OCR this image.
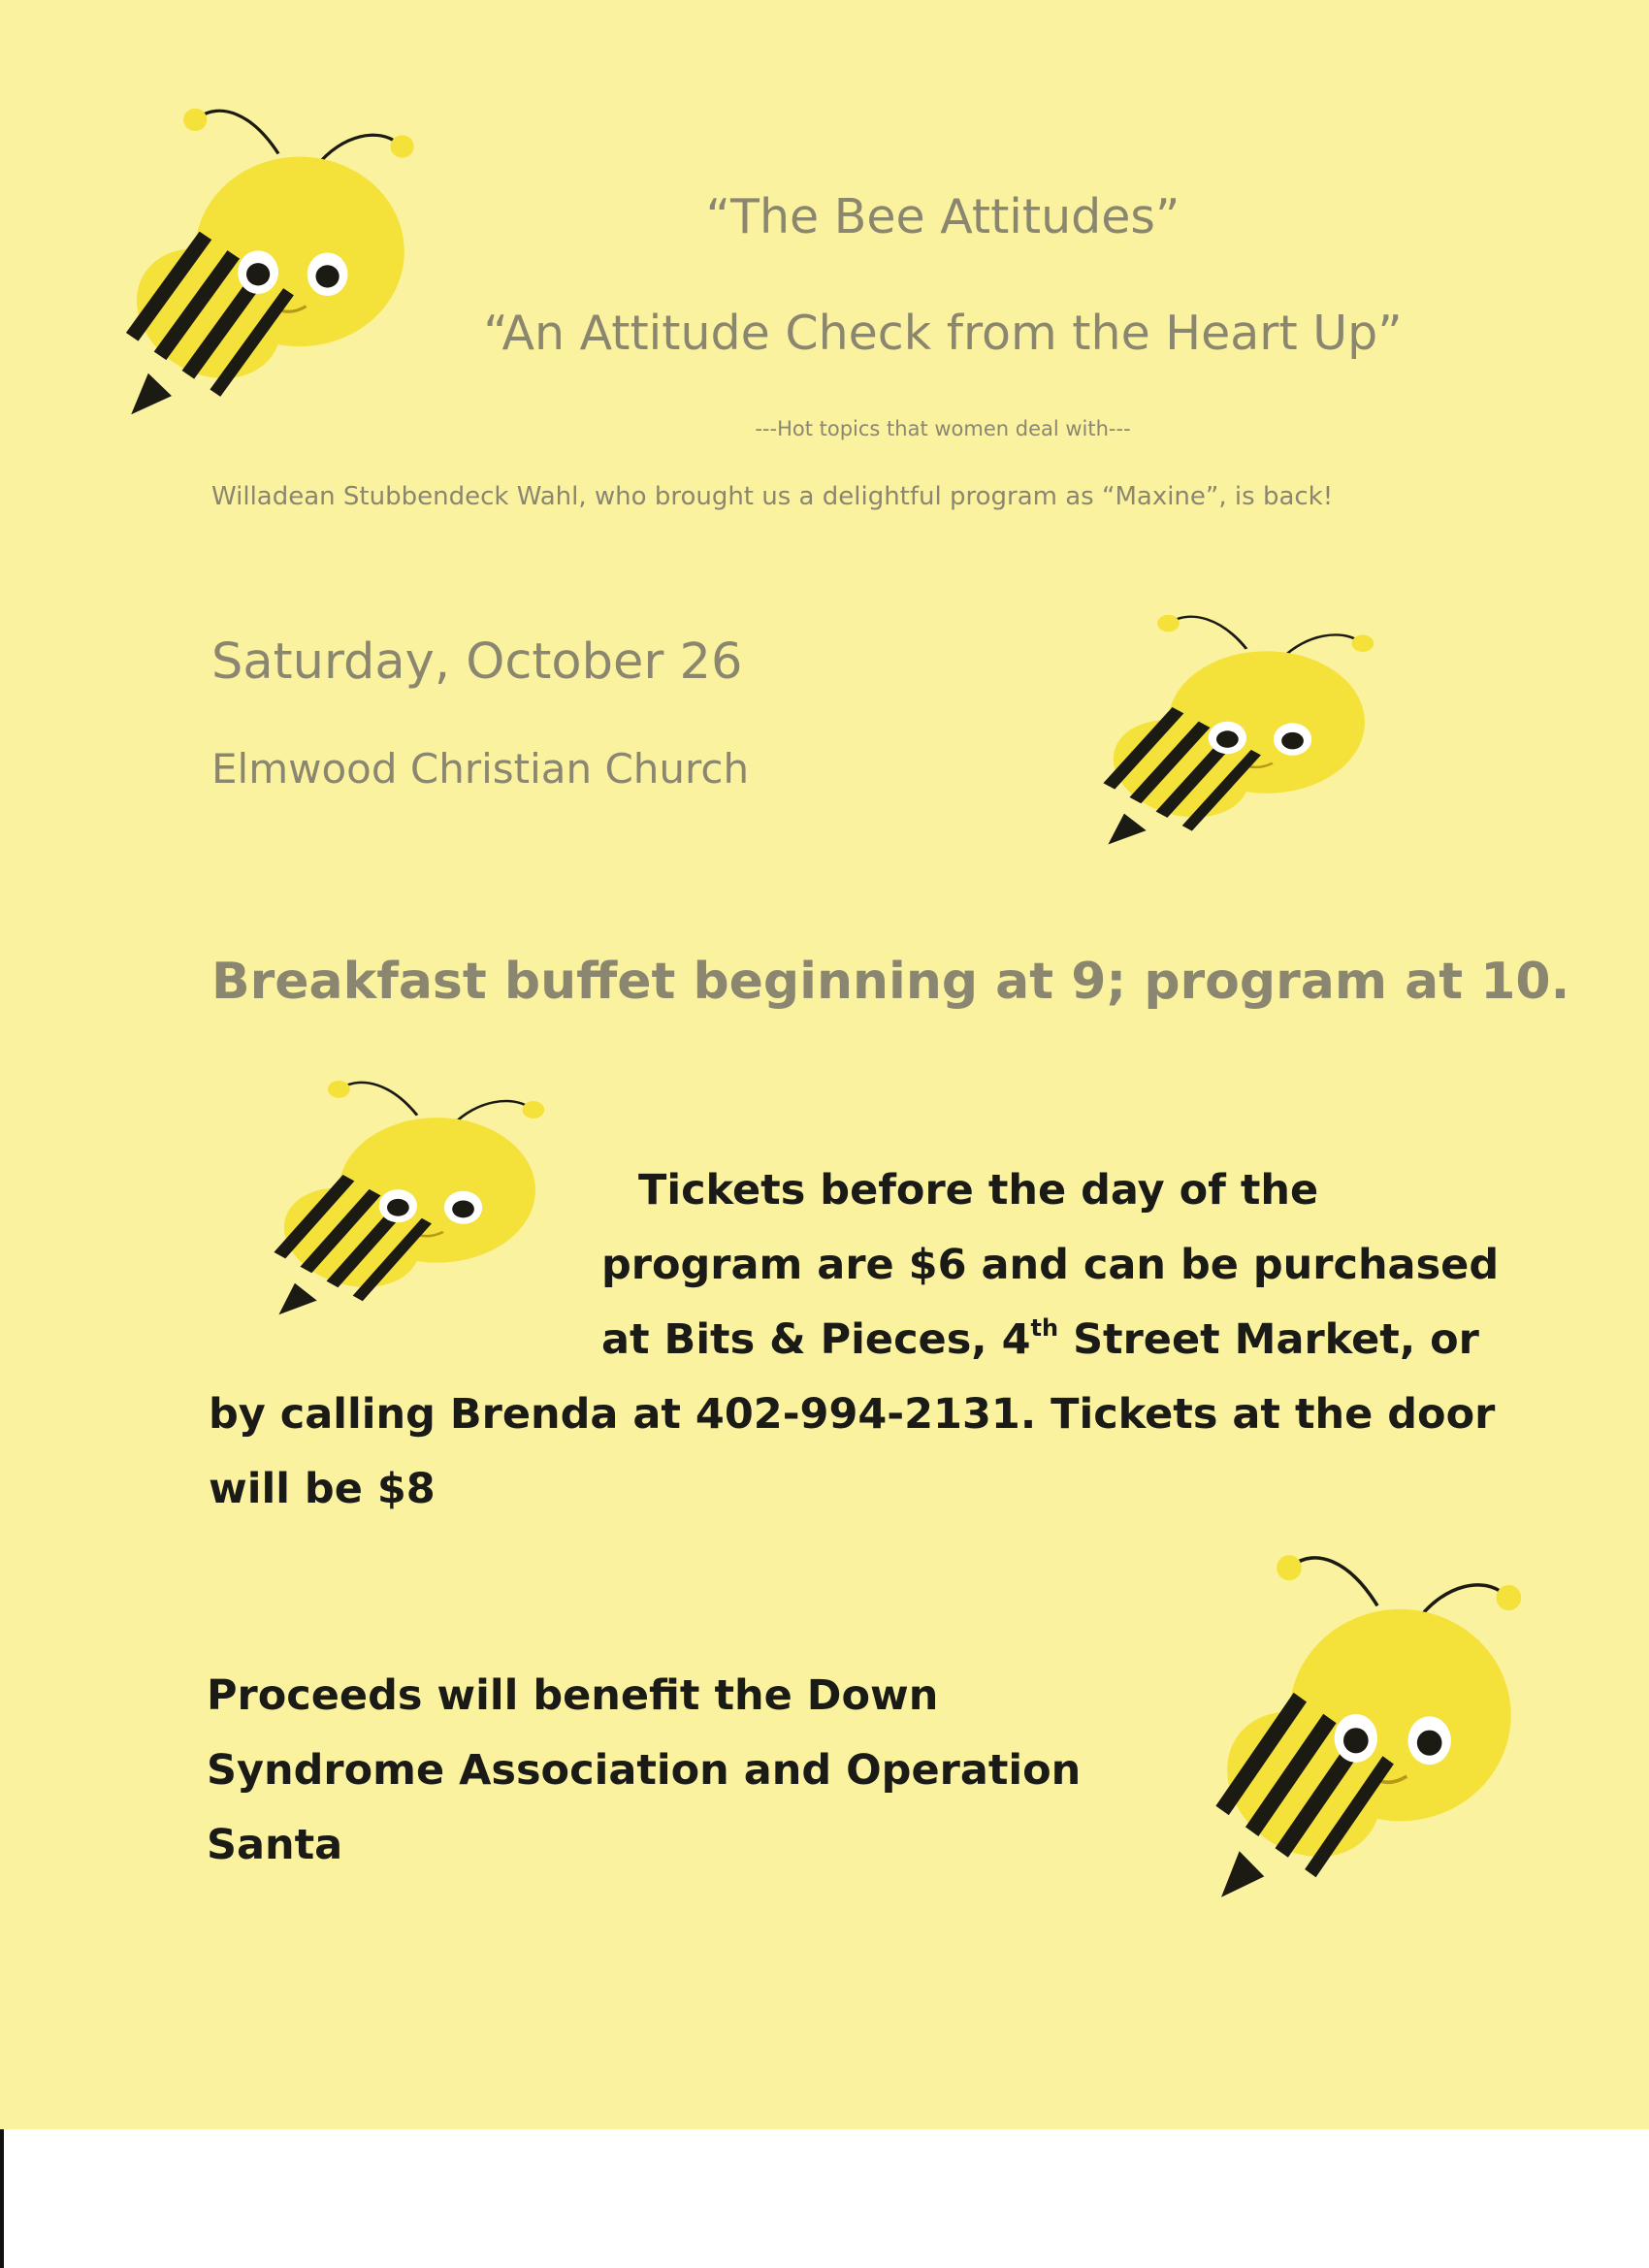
“The Bee Attitudes”

“An Attitude Check from the Heart Up”

---Hot topics that women deal with---

Willadean Stubbendeck Wahl, who brought us a delightful program as “Maxine”, is back!

Saturday, October 26

Elmwood Christian Church

Breakfast buffet beginning at 9; program at 10.

Tickets before the day of the

program are $6 and can be purchased

at Bits & Pieces, 4th Street Market, or

by calling Brenda at 402-994-2131. Tickets at the door

will be $8

Proceeds will benefit the Down

Syndrome Association and Operation

Santa
